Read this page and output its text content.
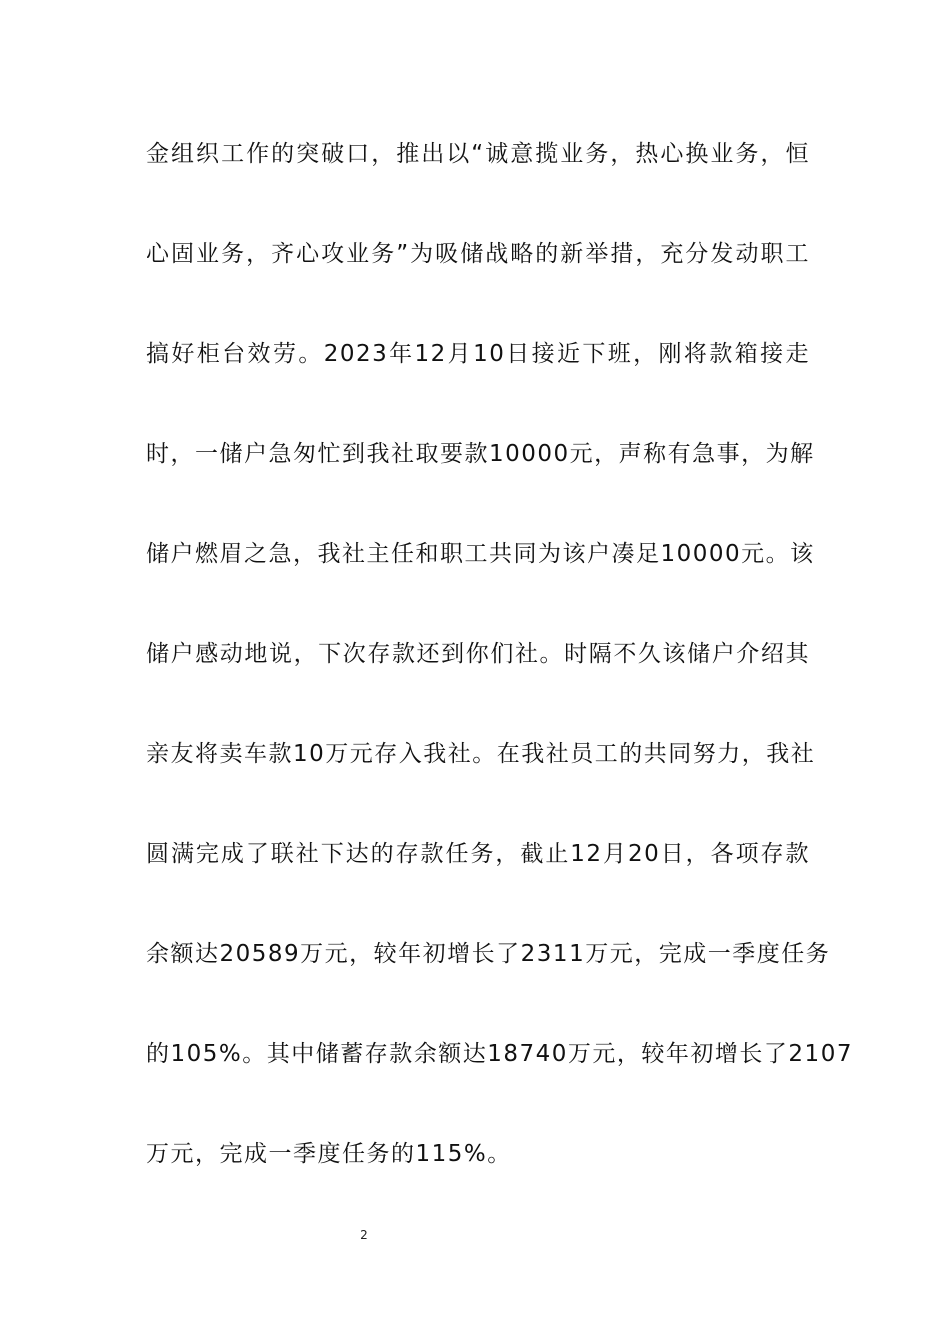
金组织工作的突破口，推出以“诚意揽业务，热心换业务，恒
心固业务，齐心攻业务”为吸储战略的新举措，充分发动职工
搞好柜台效劳。2023年12月10日接近下班，刚将款箱接走
时，一储户急匆忙到我社取要款10000元，声称有急事，为解
储户燃眉之急，我社主任和职工共同为该户凑足10000元。该
储户感动地说，下次存款还到你们社。时隔不久该储户介绍其
亲友将卖车款10万元存入我社。在我社员工的共同努力，我社
圆满完成了联社下达的存款任务，截止12月20日，各项存款
余额达20589万元，较年初增长了2311万元，完成一季度任务
的105%。其中储蓄存款余额达18740万元，较年初增长了2107
万元，完成一季度任务的115%。
2
